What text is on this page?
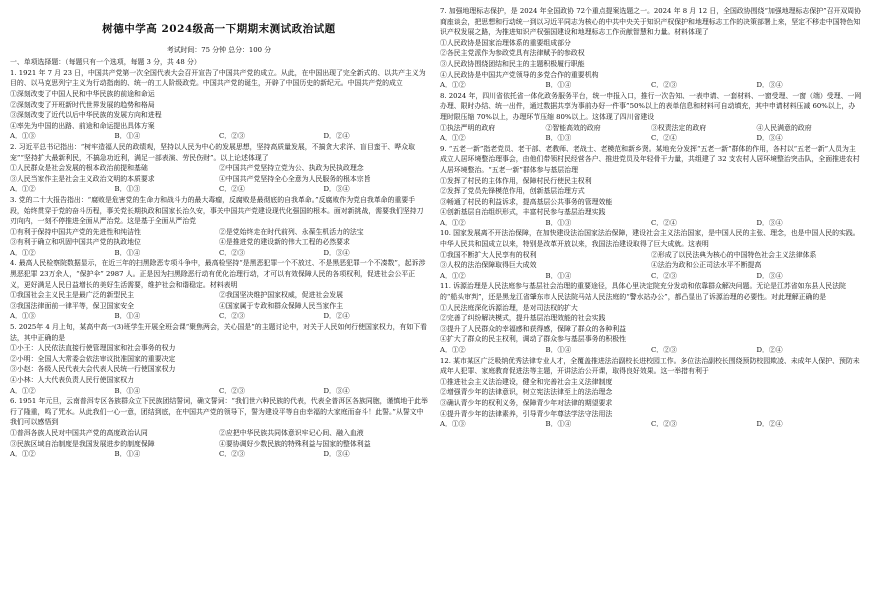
树德中学高 2024级高一下期期末测试政治试题
考试时间：75 分钟 总分：100 分
一、单项选择题：（每题只有一个选项，每题 3 分，共 48 分）

1. 1921 年 7 月 23 日，中国共产党第一次全国代表大会召开宣告了中国共产党的成立。从此，在中国出现了完全新式的、以共产主义为目的、以马克思列宁主义为行动指南的、统一的工人阶级政党。中国共产党的诞生，开辟了中国历史的新纪元。中国共产党的成立

①深刻改变了中国人民和中华民族的前途和命运

②深刻改变了开班新时代世界发展的趋势和格局

③深刻改变了近代以后中华民族的发展方向和进程

④率先为中国的出路、前途和命运提出具体方案

A．①③	B．①④	C．②③	D．②④

2. 习近平总书记指出：“树牢造福人民的政绩观，坚持以人民为中心的发展思想，坚持高质量发展，不搞贪大求洋、盲目蛮干、哗众取宠”“坚持扩大最新利民，不搞急功近利，满足一部表演、劳民伤财”。以上论述体现了

①人民群众是社会发展的根本政治前提和基础	②中国共产党坚持立党为公、执政为民执政理念
③人民当家作主是社会主义政治文明的本质要求	④中国共产党坚持全心全意为人民服务的根本宗旨
A．①②	B．①③	C．②④	D．③④

3. 党的二十大报告指出：“腐败是危害党的生命力和战斗力的最大毒瘤，反腐败是最彻底的自我革命。”反腐败作为党自我革命的重要手段，始终贯穿于党的奋斗历程，事关党长期执政和国家长治久安，事关中国共产党建设现代化强国的根本。面对新挑战，需要我们坚持刀刃向内，一刻不停推进全面从严治党。这是基于全面从严治党

①有利于保持中国共产党的先进性和纯洁性	②是党始终走在时代前列、永葆生机活力的法宝
③有利于确立和巩固中国共产党的执政地位	④是推进党的建设新的伟大工程的必然要求
A．①②	B．①④	C．②③	D．③④

4. 最高人民检察院数据显示，在近三年的扫黑除恶专项斗争中，最高检坚持“是黑恶犯罪一个不放过、不是黑恶犯罪一个不凑数”，起诉涉黑恶犯罪 23万余人，“保护伞” 2987 人。正是因为扫黑除恶行动有优化治理行动，才可以有效保障人民的各项权利，促进社会公平正义，更好满足人民日益增长的美好生活需要，维护社会和谐稳定。材料表明

①我国社会主义民主是最广泛的新型民主	②我国坚决维护国家权威，促进社会发展
③我国法律面前一律平等，保卫国家安全	④国家属于专政和群众保障人民当家作主
A．①③	B．①④	C．②③	D．②④

5. 2025年 4 月上旬，某高中高一(3)班学生开展全班会课“聚焦两会，关心国是”的主题讨论中，对关于人民如何行使国家权力，有如下看法，其中正确的是

①小王：人民依法直接行使管理国家和社会事务的权力

②小明：全国人大常委会依法审议批准国家的重要决定

③小赵：各级人民代表大会代表人民统一行使国家权力

④小林：人大代表负责人民行使国家权力

A．①②	B．①④	C．②③	D．③④

6. 1951 年元旦，云南普洱专区各族群众立下民族团结誓词，确文誓词：“我们世六种民族的代表，代表全普洱区各族同胞，谨慎地于此举行了隆重，鸣了咒水。从此我们一心一意，团结到底，在中国共产党的领导下，誓为建设平等自由幸福的大家庭而奋斗！此誓。”从誓文中我们可以感悟到

①普洱各族人民对中国共产党的高度政治认同	②应把中华民族共同体意识牢记心间、融入血液
③民族区域自治制度是我国发展进步的制度保障	④要协调好少数民族的特殊利益与国家的整体利益
A．①②	B．①④	C．②③	D．③④

7. 加强地理标志保护，是 2024 年全国政协 72个重点提案选题之一。2024 年 8 月 12 日，全国政协围绕“加强地理标志保护”召开双周协商座谈会，把思想和行动统一到以习近平同志为核心的中共中央关于知识产权保护和地理标志工作的决策部署上来，坚定不移走中国特色知识产权发展之路，为推进知识产权强国建设和地理标志工作贡献智慧和力量。材料体现了

①人民政协是国家治理体系的重要组成部分

②各民主党派作为参政党具有法律赋予的参政权

③人民政协围绕团结和民主的主题积极履行职能

④人民政协是中国共产党领导的多党合作的重要机构

A．①②	B．①④	C．②③	D．③④

8. 2024 年，四川省依托省一体化政务服务平台，统一申报入口，推行一次告知、一表申请、一套材料、一窗受理、一窗（端）受理、一网办理、限时办结、统一出件，通过数据共享为事前办好一件事”50%以上的表单信息和材料可自动填充，其中申请材料压减 60%以上，办理时限压缩 70%以上，办理环节压缩 80%以上。这体现了四川省建设

①执法严明的政府	②智能高效的政府	③权责法定的政府	④人民满意的政府
A．①②	B．①③	C．②④	D．③④

9. “五老一新”指老党员、老干部、老教师、老战士、老模范和新乡贤。某地充分发挥“五老一新”群体的作用，各村以“五老一新”人员为主成立人居环境整治理事会，由他们带领村民经营各户、推进党员及年轻骨干力量，共组建了 32 支农村人居环境整治突击队，全面推进农村人居环境整治。“五老一新”群体参与基层治理

①发挥了村民的主体作用，保障村民行使民主权利

②发挥了党员先锋模范作用，创新基层治理方式

③畅通了村民的利益诉求，提高基层公共事务的管理效能

④创新基层自治组织形式，丰富村民参与基层治理实践

A．①②	B．①③	C．②④	D．③④

10. 国家发展离不开法治保障，在加快建设法治国家法治保障，建设社会主义法治国家，是中国人民的主张、理念，也是中国人民的实践。中华人民共和国成立以来，特别是改革开放以来，我国法治建设取得了巨大成就。这表明

①我国不断扩大人民享有的权利	②形成了以民法典为核心的中国特色社会主义法律体系
③人权的法治保障取得巨大成效	④法治为政和公正司法水平不断提高
A．①②	B．①④	C．②③	D．③④

11. 诉源治理是人民法庭参与基层社会治理的重要途径，具体心里决定院充分发动和依靠群众解决问题。无论是江苏省如东县人民法院的“船头审判”，还是黑龙江省肇东市人民法院马站人民法庭的“警水站办公”，都凸显出了诉源治理的必要性。对此理解正确的是

①人民法庭深化诉源治理，是对司法权的扩大

②完善了纠纷解决模式，提升基层治理效能的社会实践

③提升了人民群众的幸福感和获得感，保障了群众的各种利益

④扩大了群众的民主权利，调动了群众参与基层事务的积极性

A．①②	B．①④	C．②③	D．②④

12. 某市某区广泛吸纳优秀法律专业人才，全覆盖推进法治副校长进校园工作。多位法治副校长围绕预防校园欺凌、未成年人保护、预防未成年人犯罪、家庭教育促进法等主题，开讲法治公开课，取得良好效果。这一举措有利于

①推进社会主义法治建设，健全和完善社会主义法律制度

②增强青少年的法律意识，树立宪法法律至上的法治理念

③确认青少年的权利义务，保障青少年对法律的期望要求

④提升青少年的法律素养，引导青少年尊法学法守法用法

A．①③	B．①④	C．②③	D．②④
